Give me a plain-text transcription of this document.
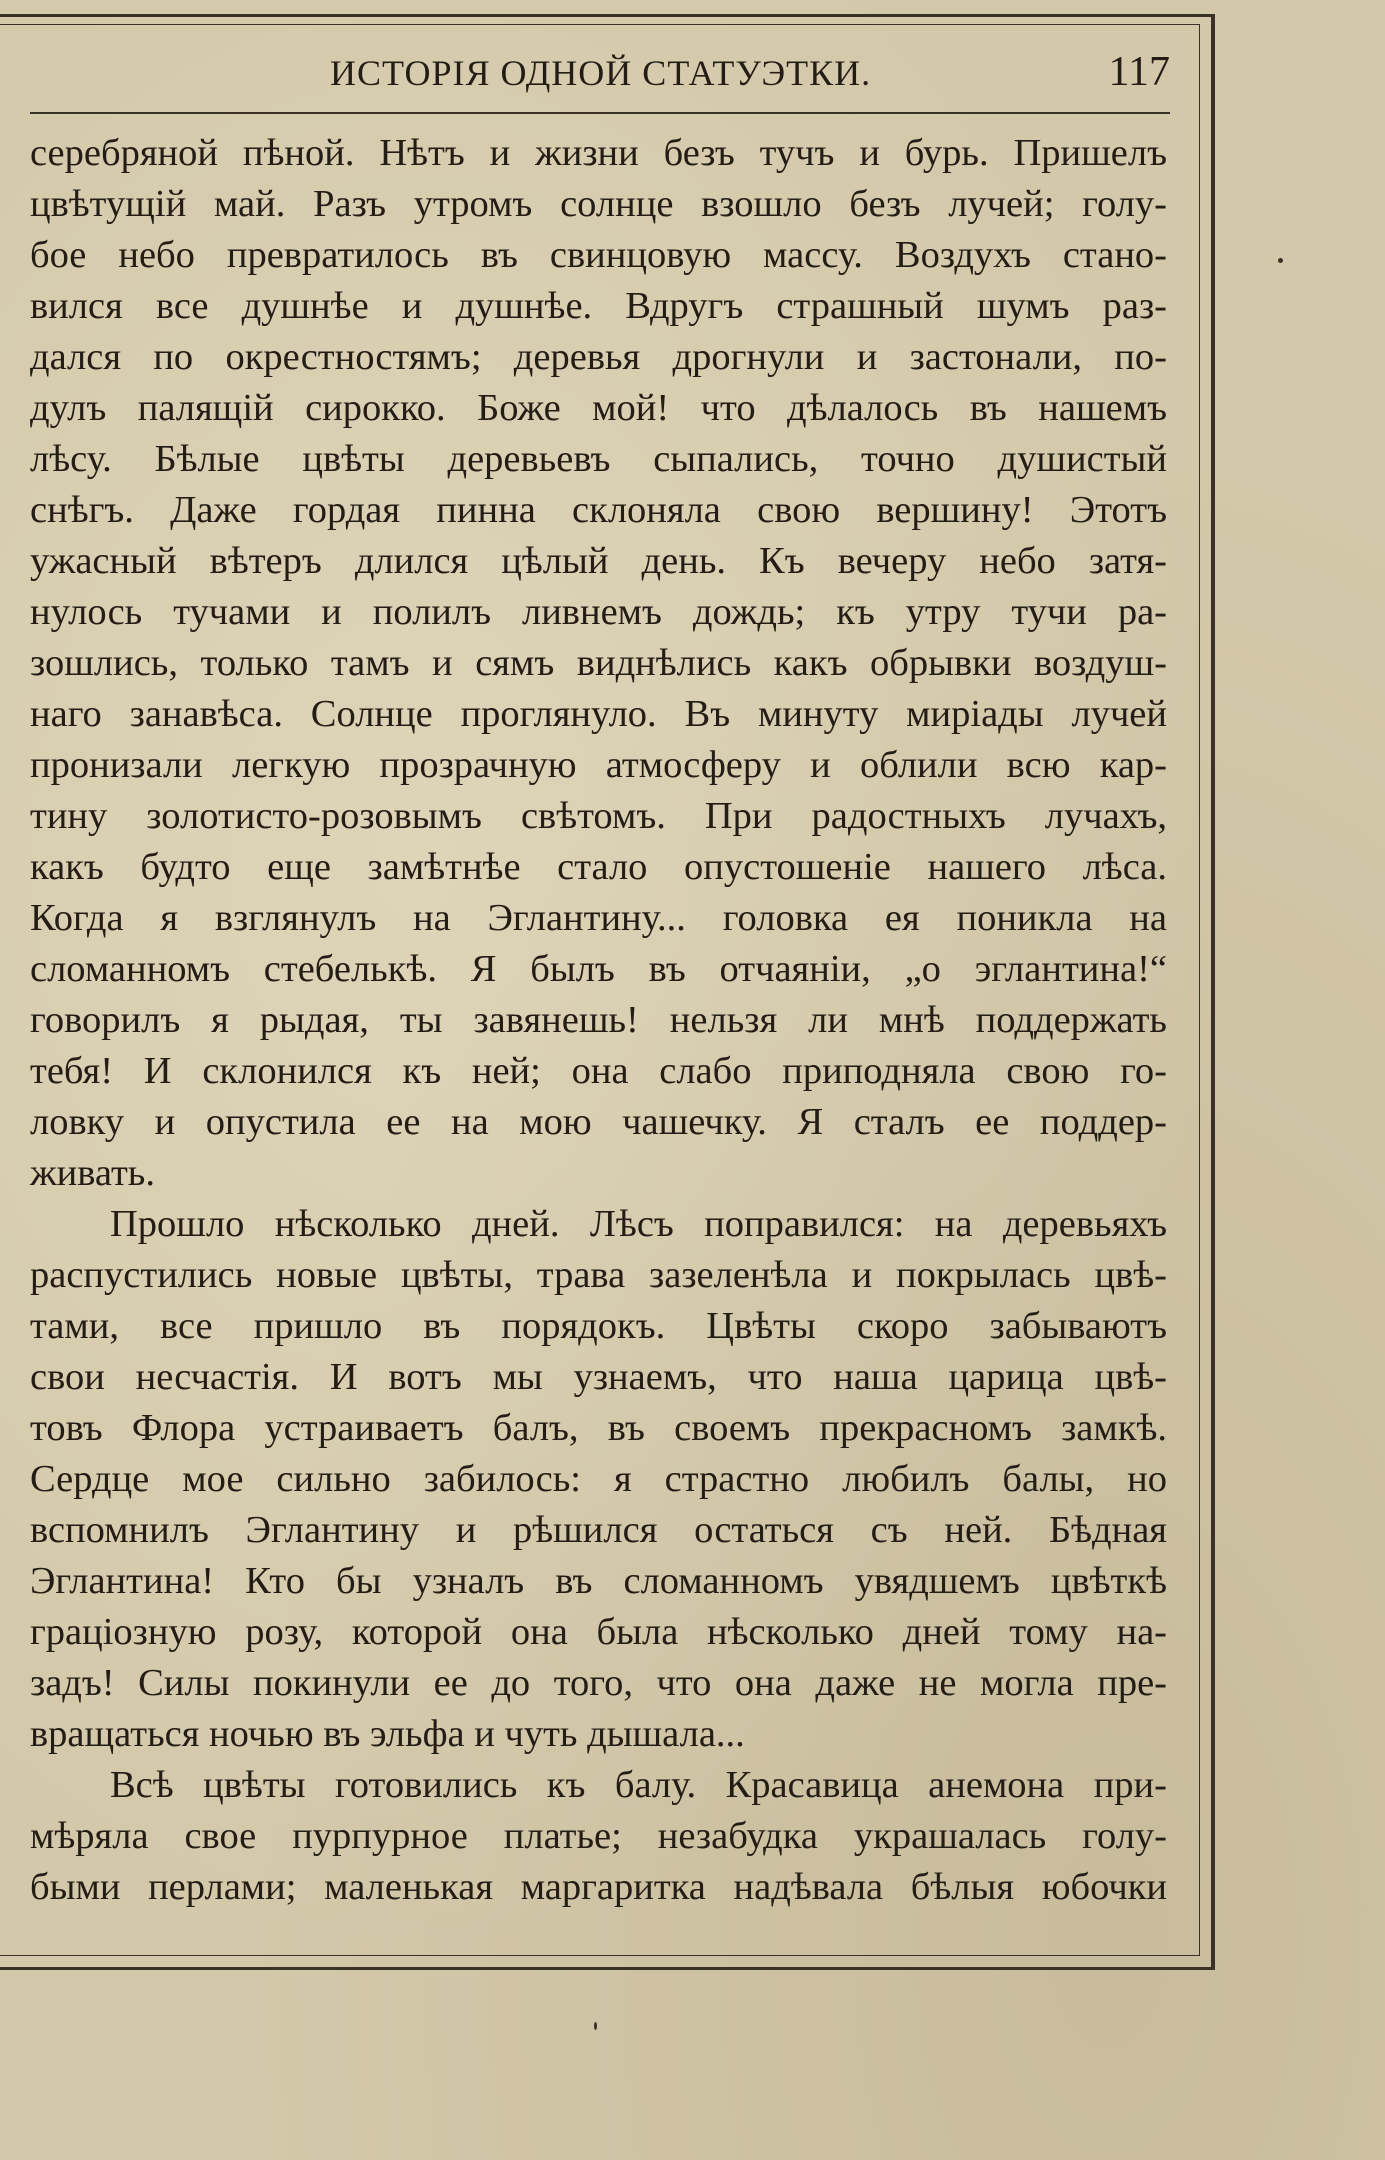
ИСТОРІЯ ОДНОЙ СТАТУЭТКИ.	117
серебряной пѣной. Нѣтъ и жизни безъ тучъ и бурь. Пришелъ
цвѣтущій май. Разъ утромъ солнце взошло безъ лучей; голу-
бое небо превратилось въ свинцовую массу. Воздухъ стано-
вился все душнѣе и душнѣе. Вдругъ страшный шумъ раз-
дался по окрестностямъ; деревья дрогнули и застонали, по-
дулъ палящій сирокко. Боже мой! что дѣлалось въ нашемъ
лѣсу. Бѣлые цвѣты деревьевъ сыпались, точно душистый
снѣгъ. Даже гордая пинна склоняла свою вершину! Этотъ
ужасный вѣтеръ длился цѣлый день. Къ вечеру небо затя-
нулось тучами и полилъ ливнемъ дождь; къ утру тучи ра-
зошлись, только тамъ и сямъ виднѣлись какъ обрывки воздуш-
наго занавѣса. Солнце проглянуло. Въ минуту миріады лучей
пронизали легкую прозрачную атмосферу и облили всю кар-
тину золотисто-розовымъ свѣтомъ. При радостныхъ лучахъ,
какъ будто еще замѣтнѣе стало опустошеніе нашего лѣса.
Когда я взглянулъ на Эглантину... головка ея поникла на
сломанномъ стебелькѣ. Я былъ въ отчаяніи, „о эглантина!“
говорилъ я рыдая, ты завянешь! нельзя ли мнѣ поддержать
тебя! И склонился къ ней; она слабо приподняла свою го-
ловку и опустила ее на мою чашечку. Я сталъ ее поддер-
живать.
Прошло нѣсколько дней. Лѣсъ поправился: на деревьяхъ
распустились новые цвѣты, трава зазеленѣла и покрылась цвѣ-
тами, все пришло въ порядокъ. Цвѣты скоро забываютъ
свои несчастія. И вотъ мы узнаемъ, что наша царица цвѣ-
товъ Флора устраиваетъ балъ, въ своемъ прекрасномъ замкѣ.
Сердце мое сильно забилось: я страстно любилъ балы, но
вспомнилъ Эглантину и рѣшился остаться съ ней. Бѣдная
Эглантина! Кто бы узналъ въ сломанномъ увядшемъ цвѣткѣ
граціозную розу, которой она была нѣсколько дней тому на-
задъ! Силы покинули ее до того, что она даже не могла пре-
вращаться ночью въ эльфа и чуть дышала...
Всѣ цвѣты готовились къ балу. Красавица анемона при-
мѣряла свое пурпурное платье; незабудка украшалась голу-
быми перлами; маленькая маргаритка надѣвала бѣлыя юбочки
